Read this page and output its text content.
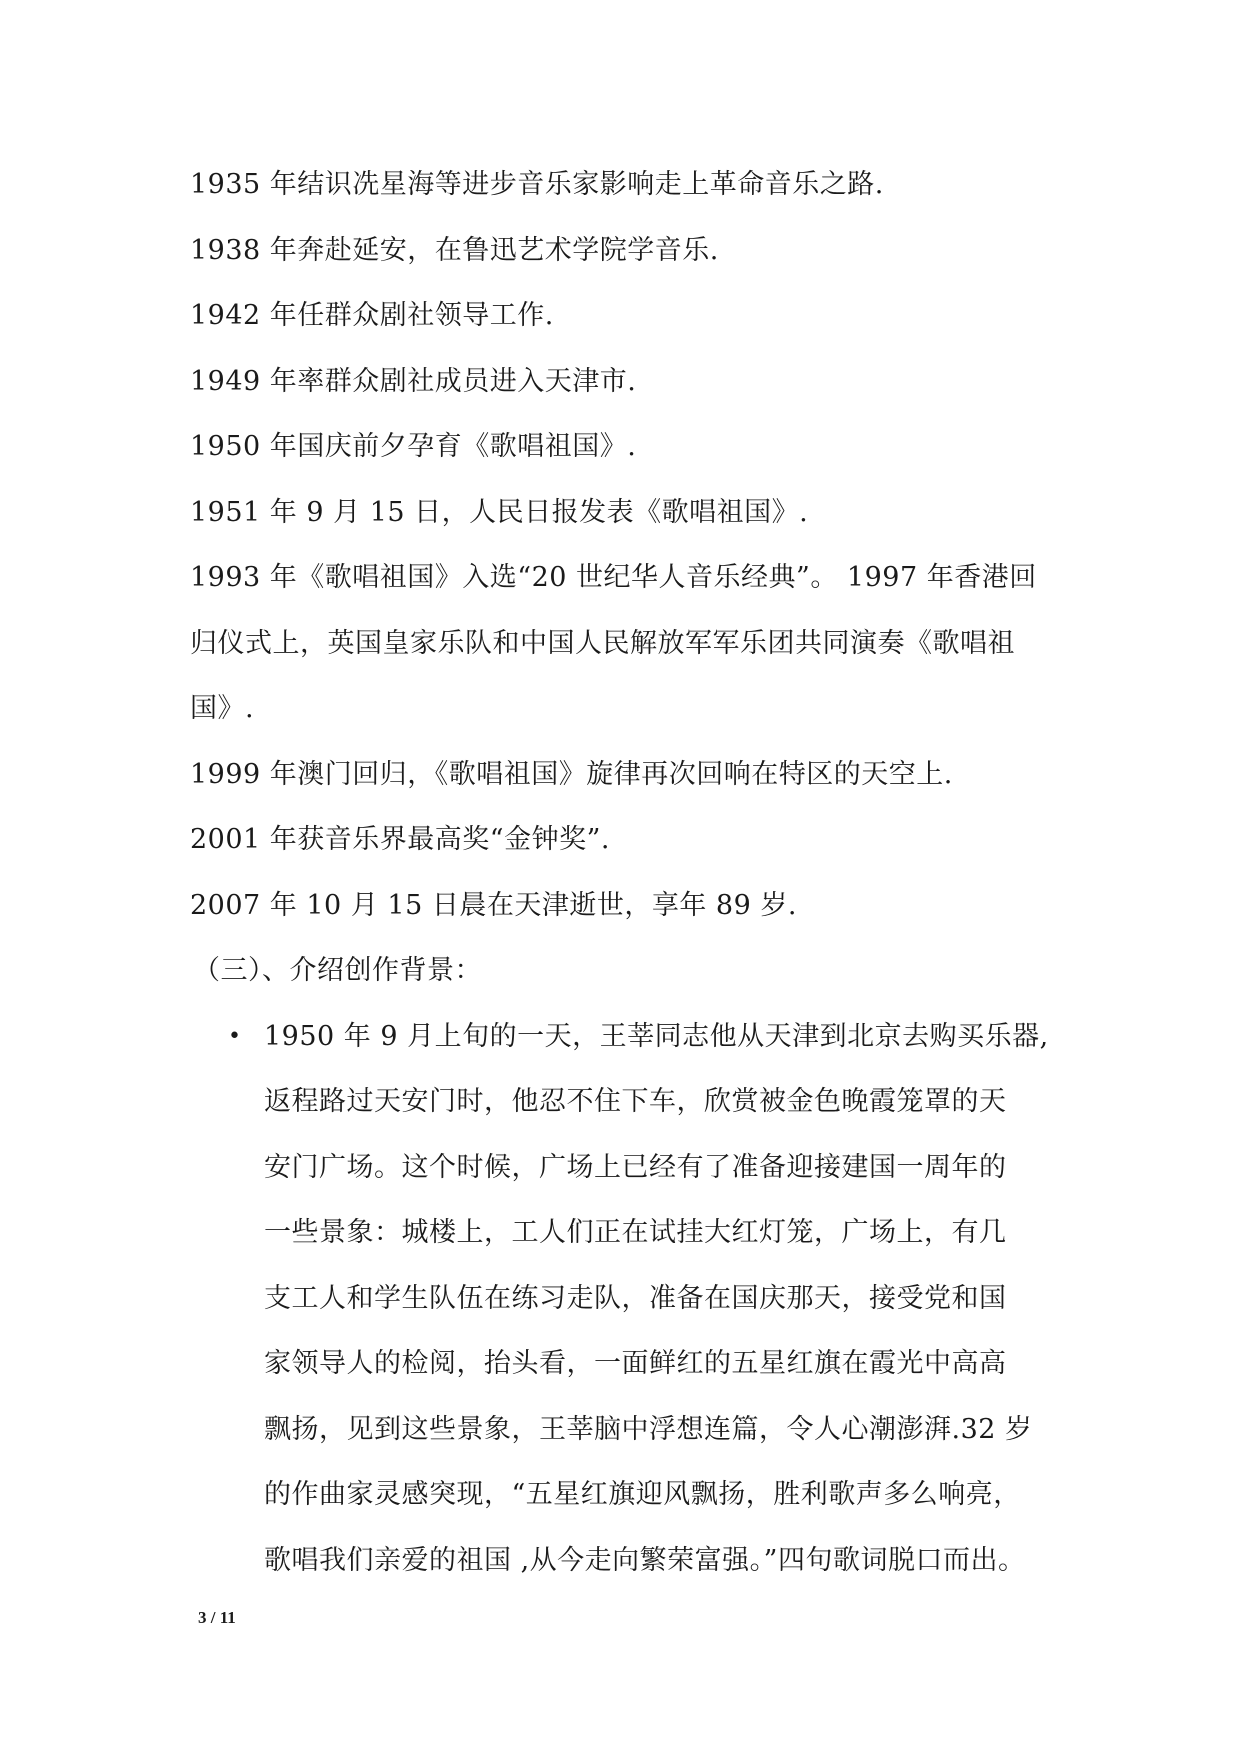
1935 年结识冼星海等进步音乐家影响走上革命音乐之路.
1938 年奔赴延安，在鲁迅艺术学院学音乐.
1942 年任群众剧社领导工作.
1949 年率群众剧社成员进入天津市.
1950 年国庆前夕孕育《歌唱祖国》.
1951 年 9 月 15 日，人民日报发表《歌唱祖国》.
1993 年《歌唱祖国》入选“20 世纪华人音乐经典”。 1997 年香港回
归仪式上，英国皇家乐队和中国人民解放军军乐团共同演奏《歌唱祖
国》.
1999 年澳门回归，《歌唱祖国》旋律再次回响在特区的天空上.
2001 年获音乐界最高奖“金钟奖”.
2007 年 10 月 15 日晨在天津逝世，享年 89 岁.
（三）、介绍创作背景：
• 1950 年 9 月上旬的一天，王莘同志他从天津到北京去购买乐器,
返程路过天安门时，他忍不住下车，欣赏被金色晚霞笼罩的天
安门广场。这个时候，广场上已经有了准备迎接建国一周年的
一些景象：城楼上，工人们正在试挂大红灯笼，广场上，有几
支工人和学生队伍在练习走队，准备在国庆那天，接受党和国
家领导人的检阅，抬头看，一面鲜红的五星红旗在霞光中高高
飘扬，见到这些景象，王莘脑中浮想连篇，令人心潮澎湃.32 岁
的作曲家灵感突现，“五星红旗迎风飘扬，胜利歌声多么响亮，
歌唱我们亲爱的祖国 ,从今走向繁荣富强。”四句歌词脱口而出。
3 / 11
